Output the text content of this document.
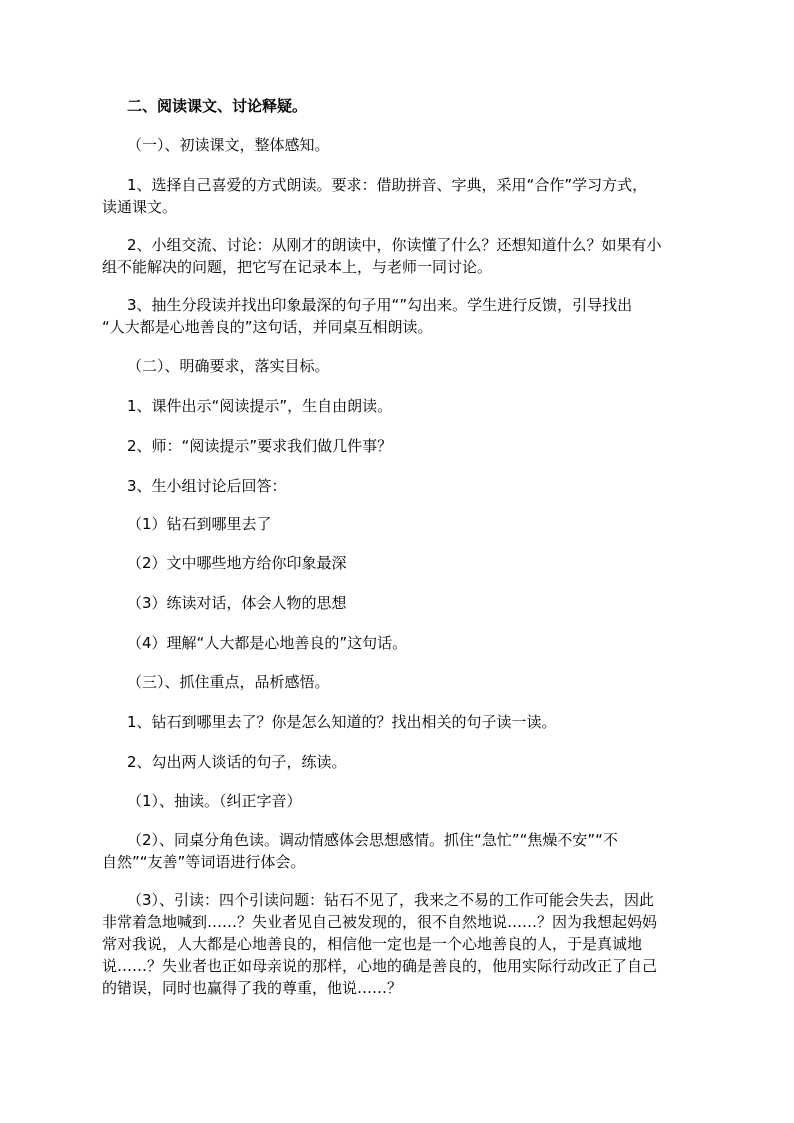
二、阅读课文、讨论释疑。

（一）、初读课文，整体感知。

1、选择自己喜爱的方式朗读。要求：借助拼音、字典，采用“合作”学习方式，

读通课文。

2、小组交流、讨论：从刚才的朗读中，你读懂了什么？还想知道什么？如果有小

组不能解决的问题，把它写在记录本上，与老师一同讨论。

3、抽生分段读并找出印象最深的句子用“”勾出来。学生进行反馈，引导找出

“人大都是心地善良的”这句话，并同桌互相朗读。

（二）、明确要求，落实目标。

1、课件出示“阅读提示”，生自由朗读。

2、师：“阅读提示”要求我们做几件事？

3、生小组讨论后回答：

（1）钻石到哪里去了

（2）文中哪些地方给你印象最深

（3）练读对话，体会人物的思想

（4）理解“人大都是心地善良的”这句话。

（三）、抓住重点，品析感悟。

1、钻石到哪里去了？你是怎么知道的？找出相关的句子读一读。

2、勾出两人谈话的句子，练读。

（1）、抽读。（纠正字音）

（2）、同桌分角色读。调动情感体会思想感情。抓住“急忙”“焦燥不安”“不

自然”“友善”等词语进行体会。

（3）、引读：四个引读问题：钻石不见了，我来之不易的工作可能会失去，因此

非常着急地喊到……？失业者见自己被发现的，很不自然地说……？因为我想起妈妈

常对我说，人大都是心地善良的，相信他一定也是一个心地善良的人，于是真诚地

说……？失业者也正如母亲说的那样，心地的确是善良的，他用实际行动改正了自己

的错误，同时也赢得了我的尊重，他说……？
